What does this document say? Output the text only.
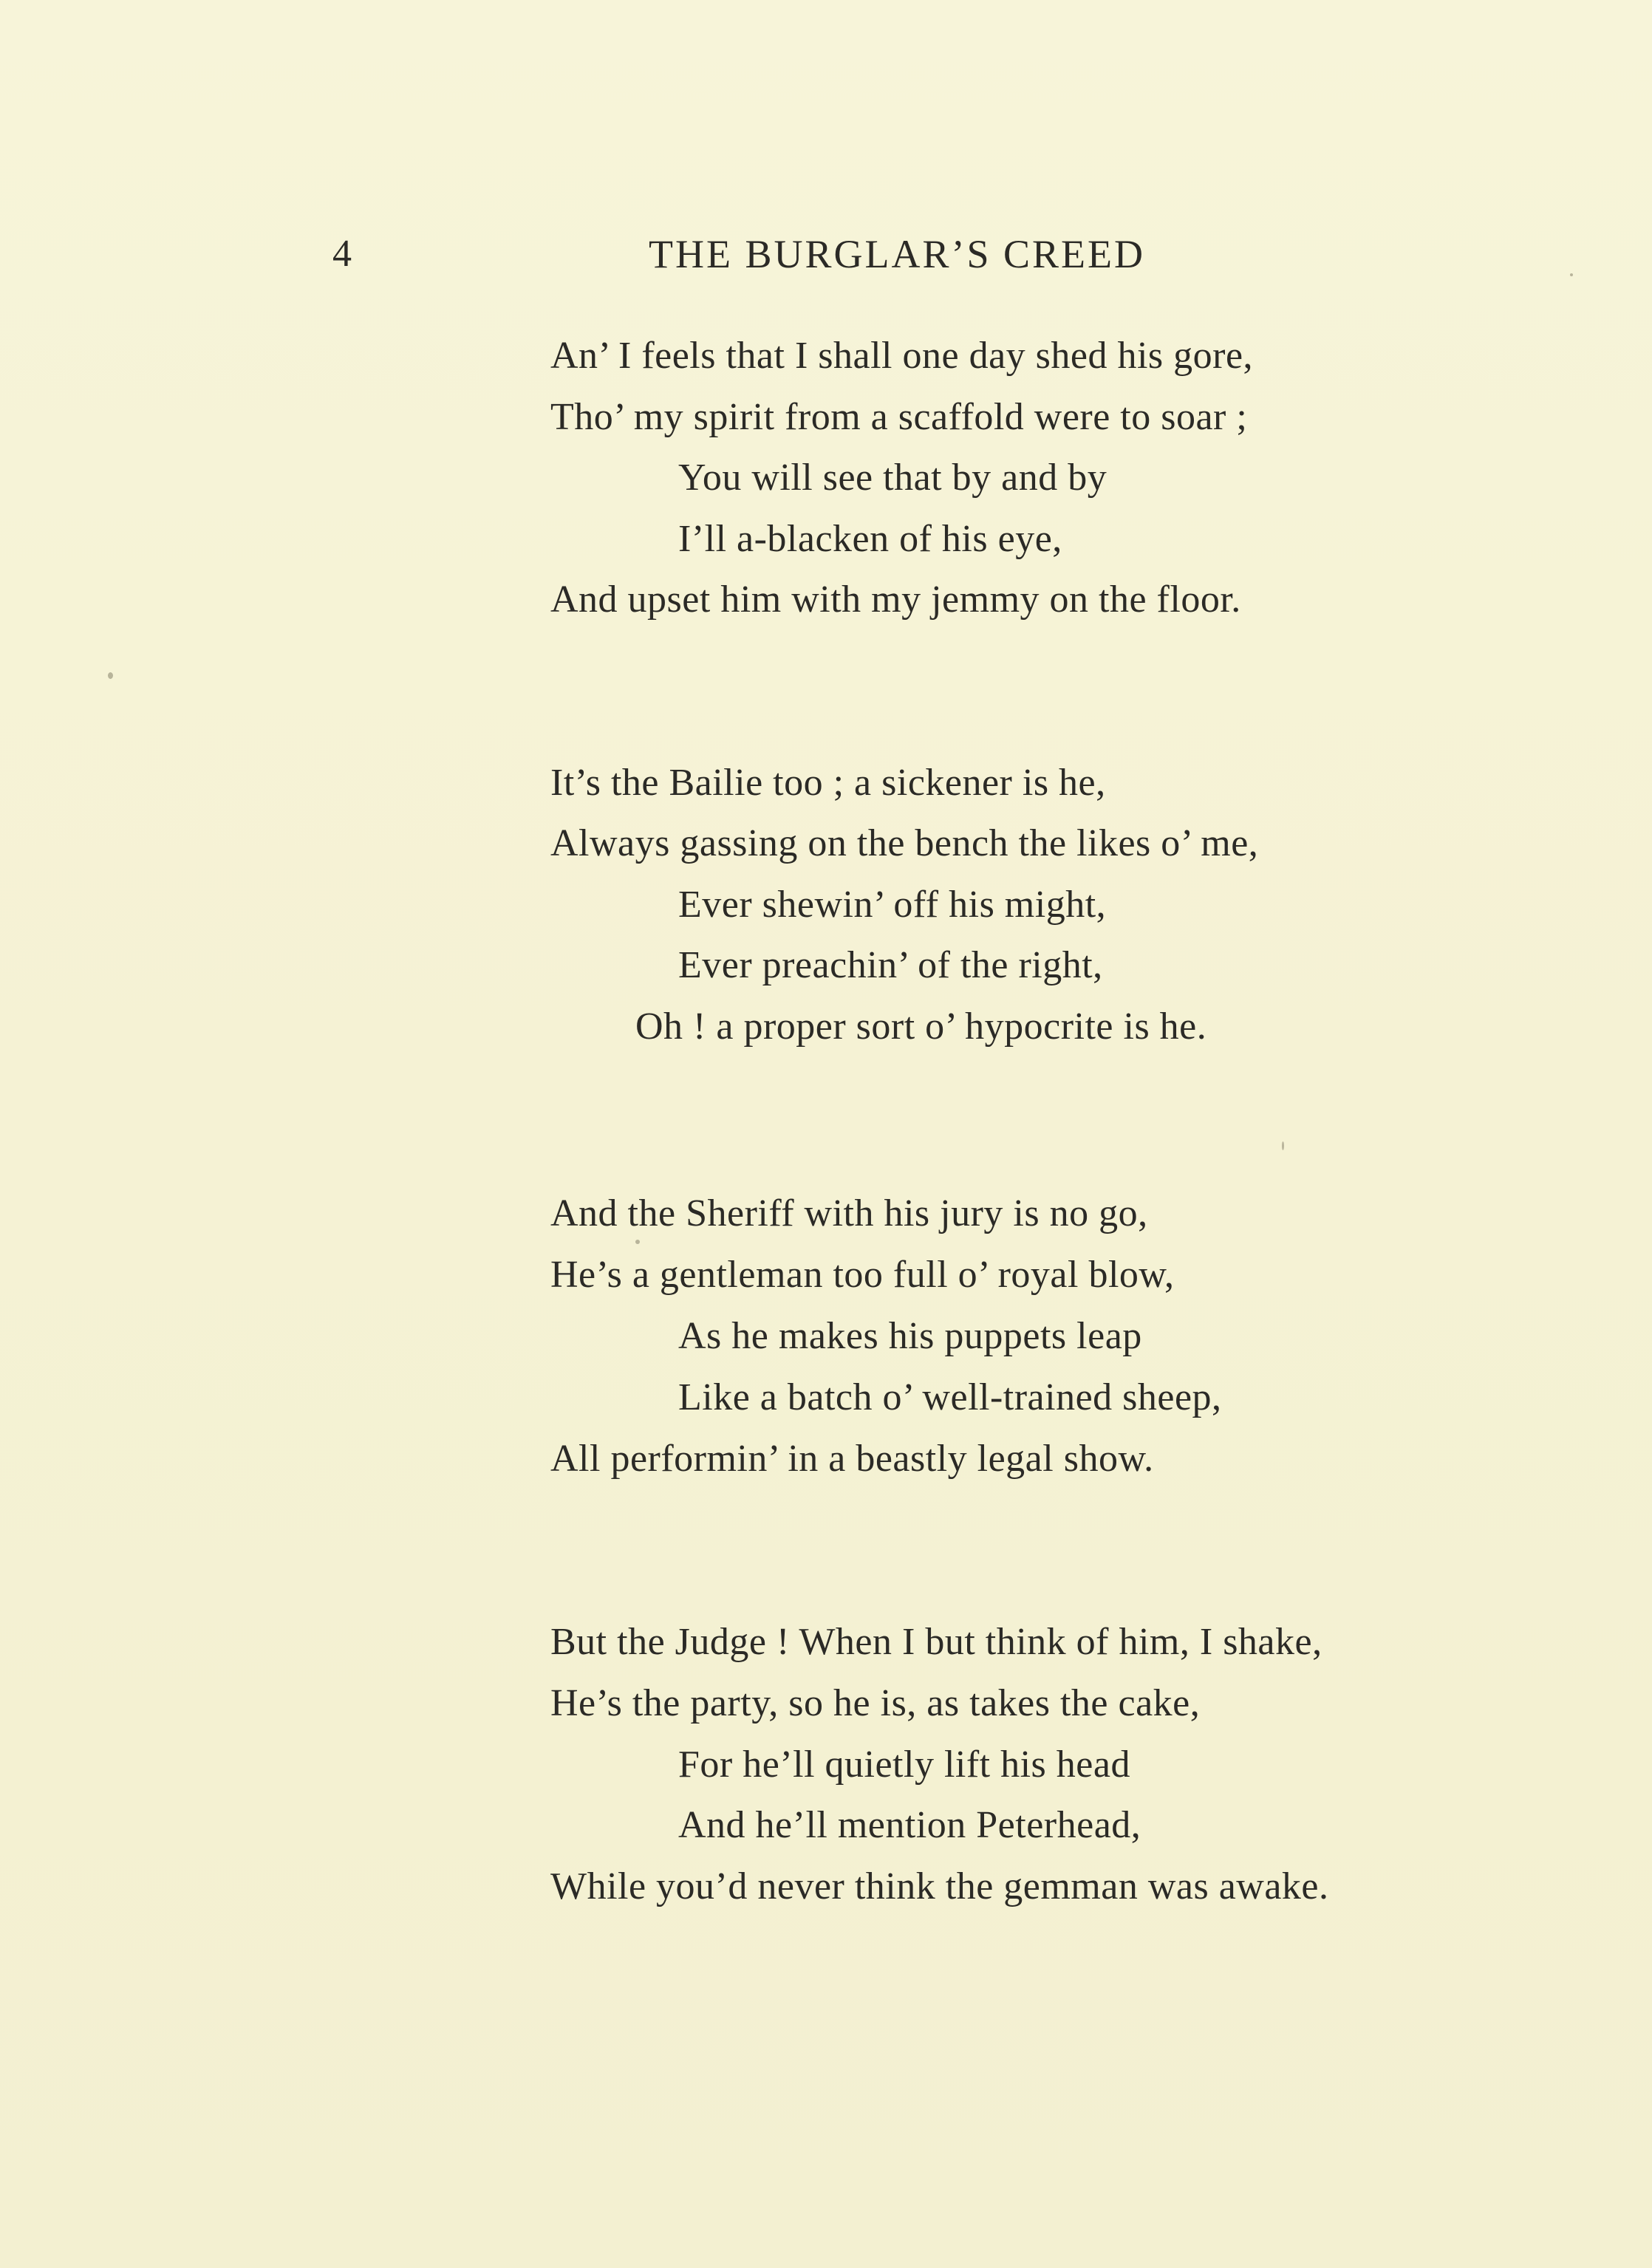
4	THE BURGLAR’S CREED
An’ I feels that I shall one day shed his gore,
Tho’ my spirit from a scaffold were to soar ;
You will see that by and by
I’ll a-blacken of his eye,
And upset him with my jemmy on the floor.
It’s the Bailie too ; a sickener is he,
Always gassing on the bench the likes o’ me,
Ever shewin’ off his might,
Ever preachin’ of the right,
Oh ! a proper sort o’ hypocrite is he.
And the Sheriff with his jury is no go,
He’s a gentleman too full o’ royal blow,
As he makes his puppets leap
Like a batch o’ well-trained sheep,
All performin’ in a beastly legal show.
But the Judge ! When I but think of him, I shake,
He’s the party, so he is, as takes the cake,
For he’ll quietly lift his head
And he’ll mention Peterhead,
While you’d never think the gemman was awake.
